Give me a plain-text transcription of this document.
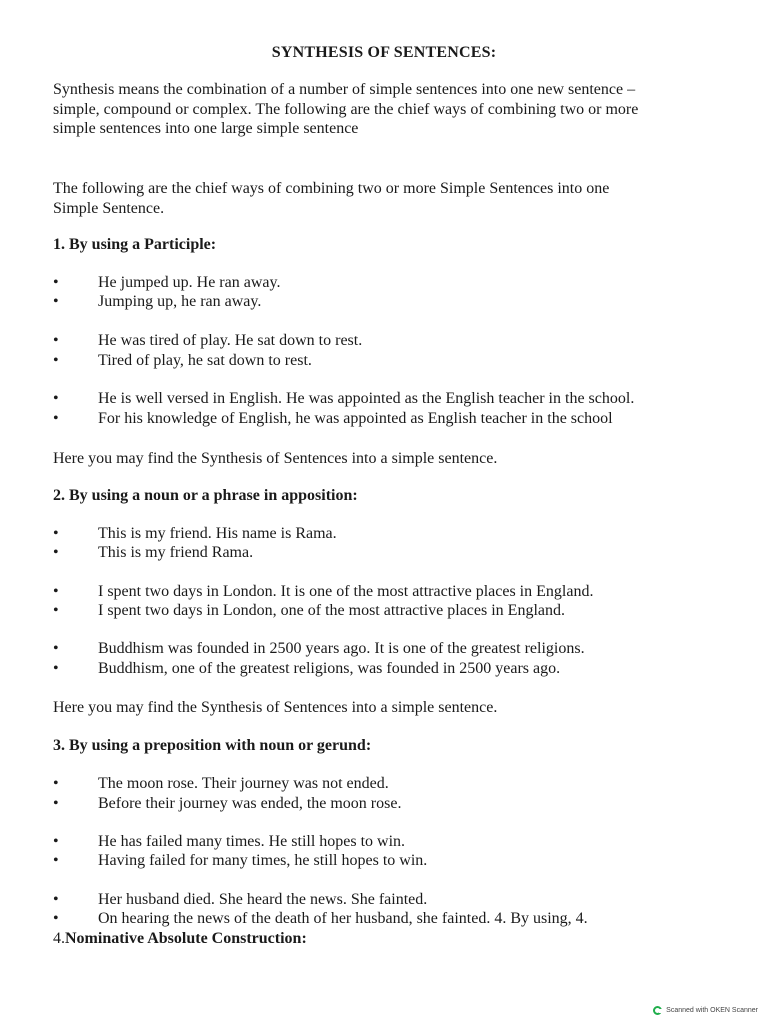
SYNTHESIS OF SENTENCES:
Synthesis means the combination of a number of simple sentences into one new sentence –
simple, compound or complex. The following are the chief ways of combining two or more
simple sentences into one large simple sentence
The following are the chief ways of combining two or more Simple Sentences into one
Simple Sentence.
1. By using a Participle:
• He jumped up. He ran away.
• Jumping up, he ran away.
• He was tired of play. He sat down to rest.
• Tired of play, he sat down to rest.
• He is well versed in English. He was appointed as the English teacher in the school.
• For his knowledge of English, he was appointed as English teacher in the school
Here you may find the Synthesis of Sentences into a simple sentence.
2. By using a noun or a phrase in apposition:
• This is my friend. His name is Rama.
• This is my friend Rama.
• I spent two days in London. It is one of the most attractive places in England.
• I spent two days in London, one of the most attractive places in England.
• Buddhism was founded in 2500 years ago. It is one of the greatest religions.
• Buddhism, one of the greatest religions, was founded in 2500 years ago.
Here you may find the Synthesis of Sentences into a simple sentence.
3. By using a preposition with noun or gerund:
• The moon rose. Their journey was not ended.
• Before their journey was ended, the moon rose.
• He has failed many times. He still hopes to win.
• Having failed for many times, he still hopes to win.
• Her husband died. She heard the news. She fainted.
• On hearing the news of the death of her husband, she fainted. 4. By using, 4.
4.Nominative Absolute Construction:
Scanned with OKEN Scanner
